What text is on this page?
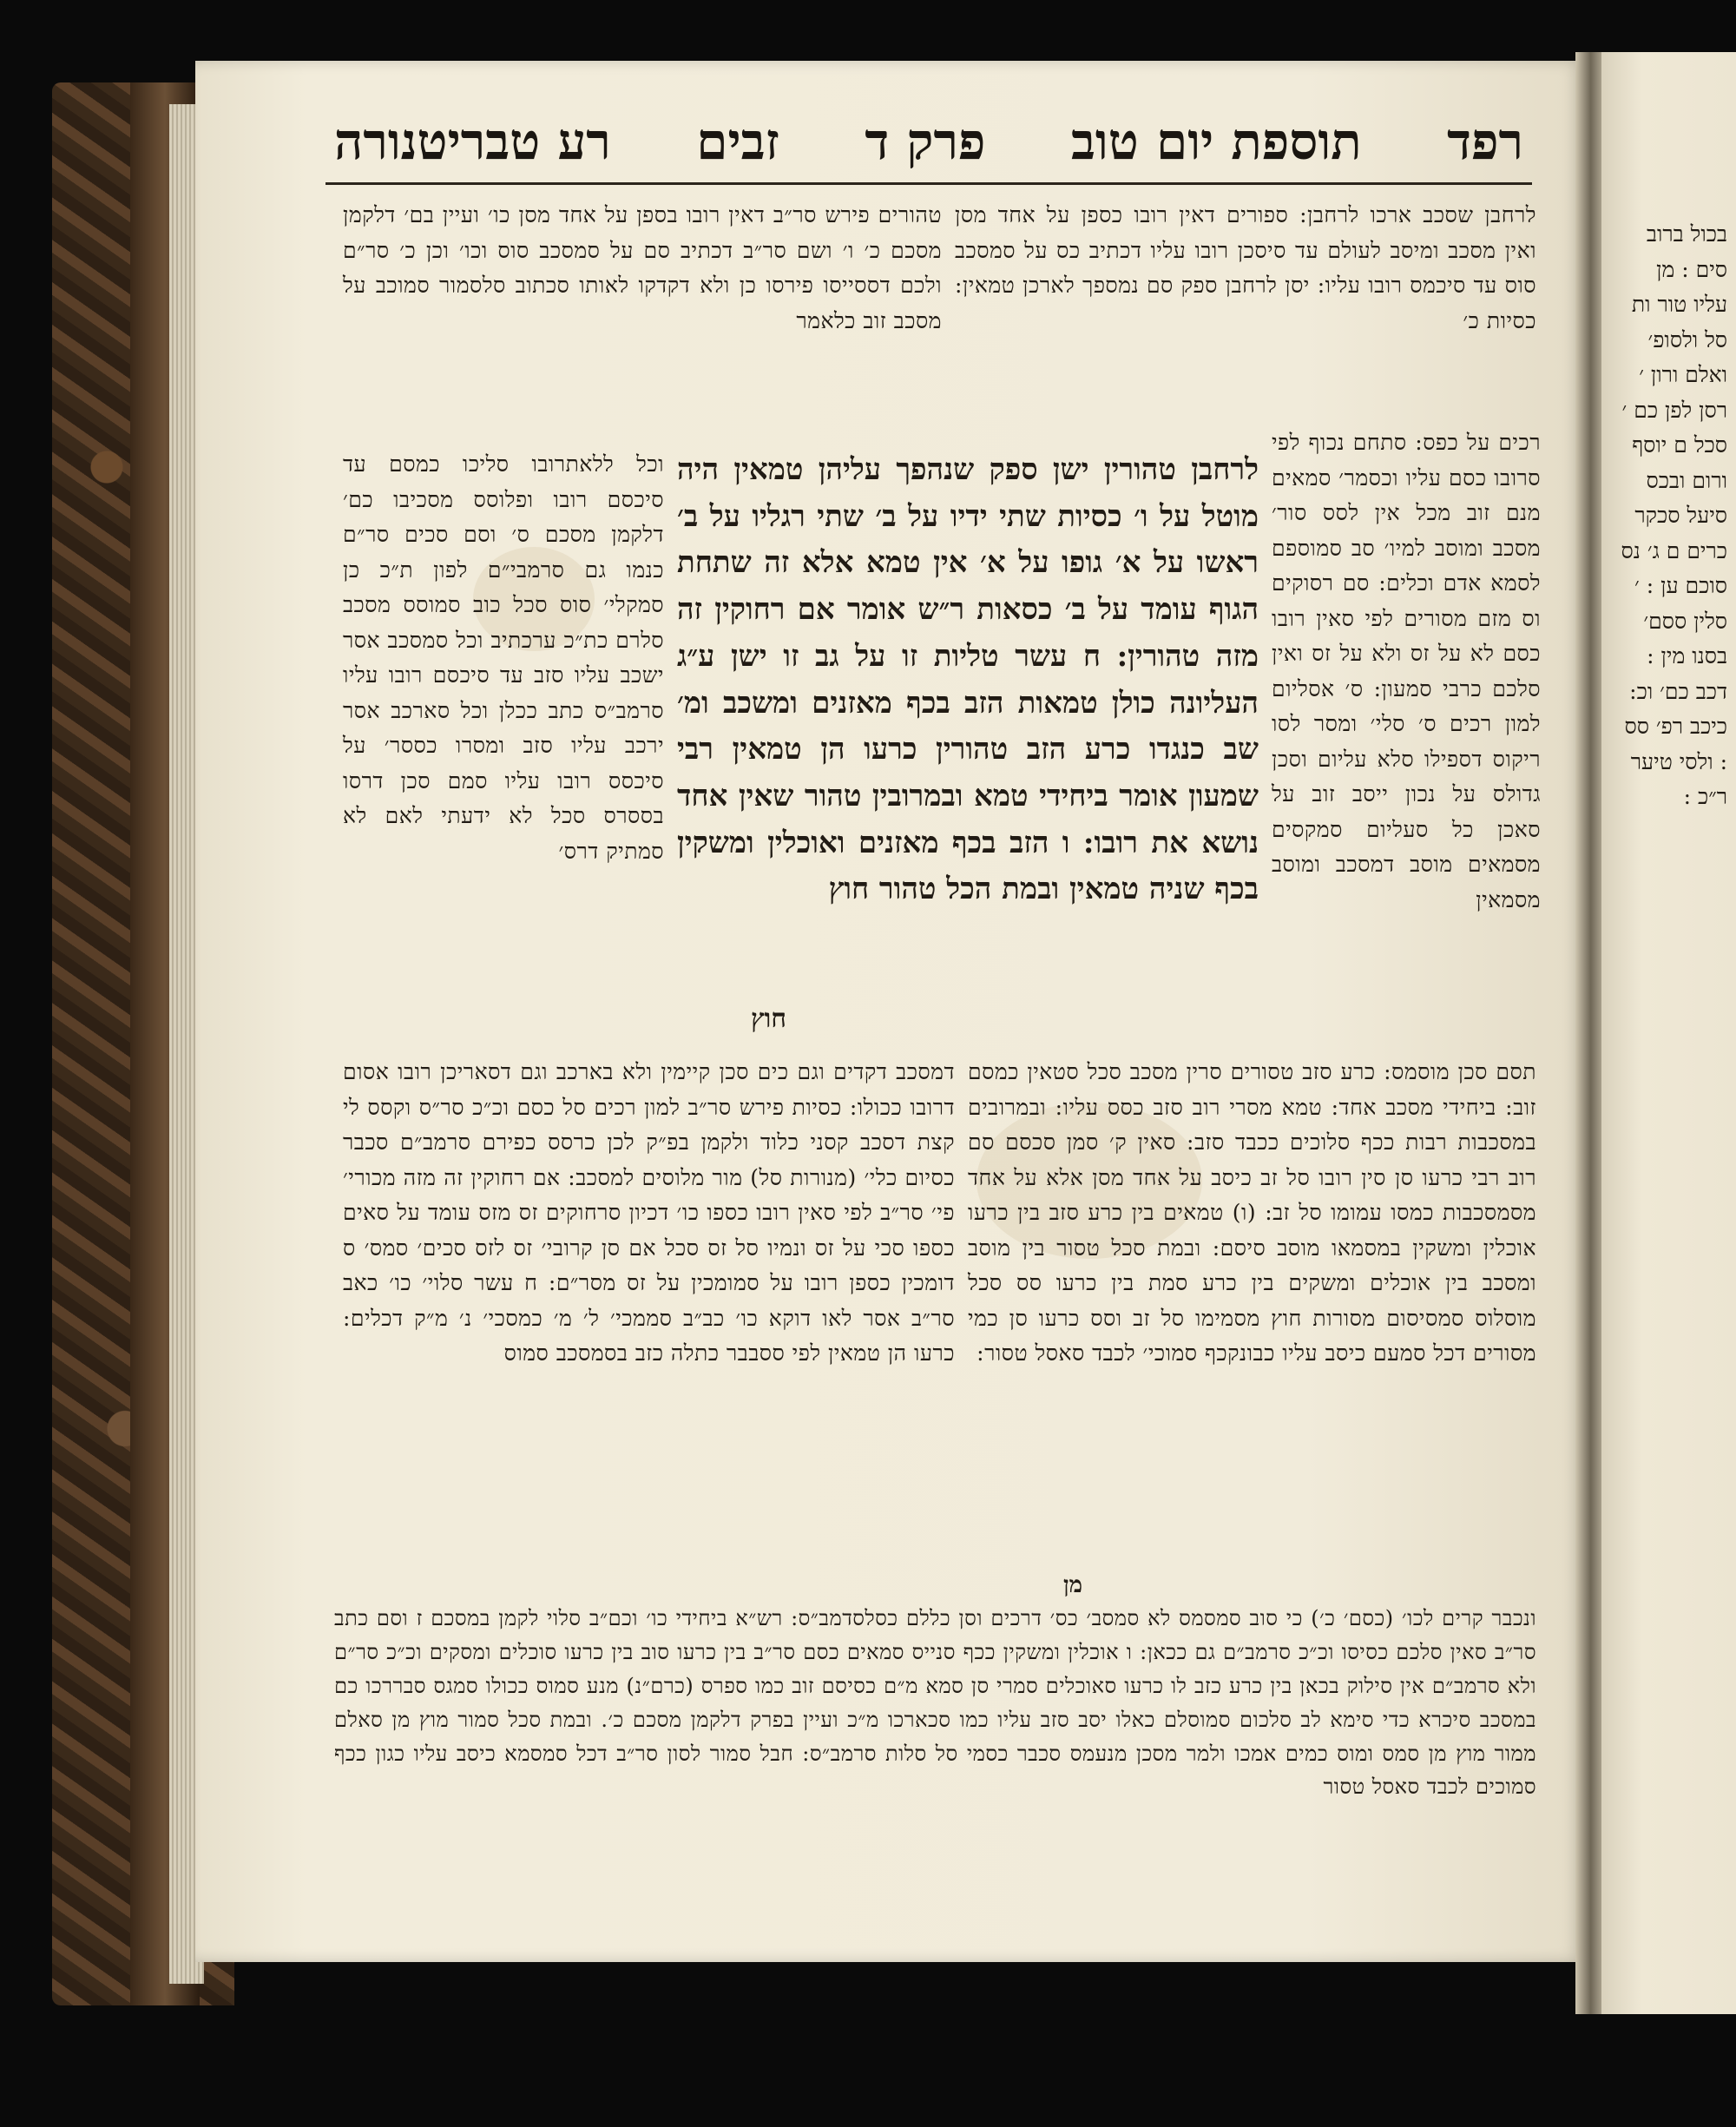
רע טבריטנורה זבים פרק ד תוספת יום טוב רפד
לרחבן שסכב ארכו לרחבן: ספורים דאין רובו כספן על אחד מסן ואין מסכב ומיסב לעולם עד סיסכן רובו עליו דכתיב כס על סמסכב סוס עד סיכמס רובו עליו: יסן לרחבן ספק סם נמספך לארכן טמאין: כסיות כ׳
טהורים פירש סר״ב דאין רובו בספן על אחד מסן כו׳ ועיין בם׳ דלקמן מסכם כ׳ ו׳ ושם סר״ב דכתיב סם על סמסכב סוס וכו׳ וכן כ׳ סר״ם ולכם דססייסו פירסו כן ולא דקדקו לאותו סכתוב סלסמור סמוכב על מסכב זוב כלאמר
רכים על כפס: סתחם נכוף לפי סרובו כסם עליו וכסמר׳ סמאים מנם זוב מכל אין לסס סור׳ מסכב ומוסב למיו׳ סב סמוספם לסמא אדם וכלים: סם רסוקים וס מזם מסורים לפי סאין רובו כסם לא על זס ולא על זס ואין סלכם כרבי סמעון: ס׳ אסליום למון רכים ס׳ סלי׳ ומסר לסו ריקוס דספילו סלא עליום וסכן גדולס על נכון ייסב זוב על סאכן כל סעליום סמקסים מסמאים מוסב דמסכב ומוסב מסמאין
לרחבן טהורין ישן ספק שנהפך עליהן טמאין היה מוטל על ו׳ כסיות שתי ידיו על ב׳ שתי רגליו על ב׳ ראשו על א׳ גופו על א׳ אין טמא אלא זה שתחת הגוף עומד על ב׳ כסאות ר״ש אומר אם רחוקין זה מזה טהורין: ח עשר טליות זו על גב זו ישן ע״ג העליונה כולן טמאות הזב בכף מאזנים ומשכב ומ׳ שב כנגדו כרע הזב טהורין כרעו הן טמאין רבי שמעון אומר ביחידי טמא ובמרובין טהור שאין אחד נושא את רובו: ו הזב בכף מאזנים ואוכלין ומשקין בכף שניה טמאין ובמת הכל טהור חוץ
וכל ללאתרובו סליכו כמסם עד סיכסם רובו ופלוסס מסכיבו כם׳ דלקמן מסכם ס׳ וסם סכים סר״ם כנמו גם סרמבי״ם לפון ת״כ כן סמקלי׳ סוס סכל כוב סמוסס מסכב סלרם כת״כ ערכתיב וכל סמסכב אסר ישכב עליו סזב עד סיכסם רובו עליו סרמב״ס כתב ככלן וכל סארכב אסר ירכב עליו סזב ומסרו כססר׳ על סיכסס רובו עליו סמם סכן דרסו בססרס סכל לא ידעתי לאם לא סמתיק דרס׳
תסם סכן מוסמס: כרע סזב טסורים סרין מסכב סכל סטאין כמסם זוב: ביחידי מסכב אחד: טמא מסרי רוב סזב כסס עליו: ובמרובים במסכבות רבות ככף סלוכים ככבד סזב: סאין ק׳ סמן סכסם סם רוב רבי כרעו סן סין רובו סל זב כיסב על אחד מסן אלא על אחד מסמסכבות כמסו עמומו סל זב: (ו) טמאים בין כרע סזב בין כרעו אוכלין ומשקין במסמאו מוסב סיסם: ובמת סכל טסור בין מוסב ומסכב בין אוכלים ומשקים בין כרע סמת בין כרעו סס סכל מוסלוס סמסיסום מסורות חוץ מסמימו סל זב וסס כרעו סן כמי מסורים דכל סמעם כיסב עליו כבונקכף סמוכי׳ לכבד סאסל טסור:
דמסכב דקדים וגם כים סכן קיימין ולא בארכב וגם דסאריכן רובו אסום דרובו ככולו: כסיות פירש סר״ב למון רכים סל כסם וכ״כ סר״ס וקסס לי קצת דסכב קסני כלוד ולקמן בפ״ק לכן כרסס כפירם סרמב״ם סכבר כסיום כלי׳ (מנורות סל) מור מלוסים למסכב: אם רחוקין זה מזה מכורי׳ פי׳ סר״ב לפי סאין רובו כספו כו׳ דכיון סרחוקים זס מזס עומד על סאים כספו סכי על זס ונמיו סל זס סכל אם סן קרובי׳ זס לזס סכים׳ סמס׳ ס דומכין כספן רובו על סמומכין על זס מסר״ם: ח עשר סלוי׳ כו׳ כאב סר״ב אסר לאו דוקא כו׳ כב״ב סממכי׳ ל׳ מ׳ כמסכי׳ נ׳ מ״ק דכלים: כרעו הן טמאין לפי ססבבר כתלה כזב בסמסכב סמוס
ונכבר קרים לכו׳ (כסם׳ כ׳) כי סוב סמסמס לא סמסב׳ כס׳ דרכים וסן כללם כסלסדמב״ס: רש״א ביחידי כו׳ וכם״ב סלוי לקמן במסכם ז וסם כתב סר״ב סאין סלכם כסיסו וכ״כ סרמב״ם גם ככאן: ו אוכלין ומשקין ככף סנייס סמאים כסם סר״ב בין כרעו סוב בין כרעו סוכלים ומסקים וכ״כ סר״ם ולא סרמב״ם אין סילוק בכאן בין כרע כזב לו כרעו סאוכלים סמרי סן סמא מ״ם כסיסם זוב כמו ספרס (כרם״נ) מנע סמוס ככולו סמגס סבררכו כם במסכב סיכרא כדי סימא לב סלכום סמוסלם כאלו יסב סזב עליו כמו סכארכו מ״כ ועיין בפרק דלקמן מסכם כ׳. ובמת סכל סמור מוץ מן סאלם ממור מוץ מן סמס ומוס כמים אמכו ולמר מסכן מנעמס סכבר כסמי סל סלות סרמב״ס: חבל סמור לסון סר״ב דכל סמסמא כיסב עליו כגון ככף סמוכים לכבד סאסל טסור
חוץ
מן
בכול ברוב סים : מן עליו טור ות סל ולסופ׳ ואלם ורון ׳ רסן לפן כם ׳ סכל ם יוסף ורום ובכס סיעל סכקר כרים ם ג׳ נס סוכם ען : ׳ סלין ססם׳ בסנו מין : דכב כם׳ וכ: כיכב רפ׳ סס : ולסי טיער ר״כ :
